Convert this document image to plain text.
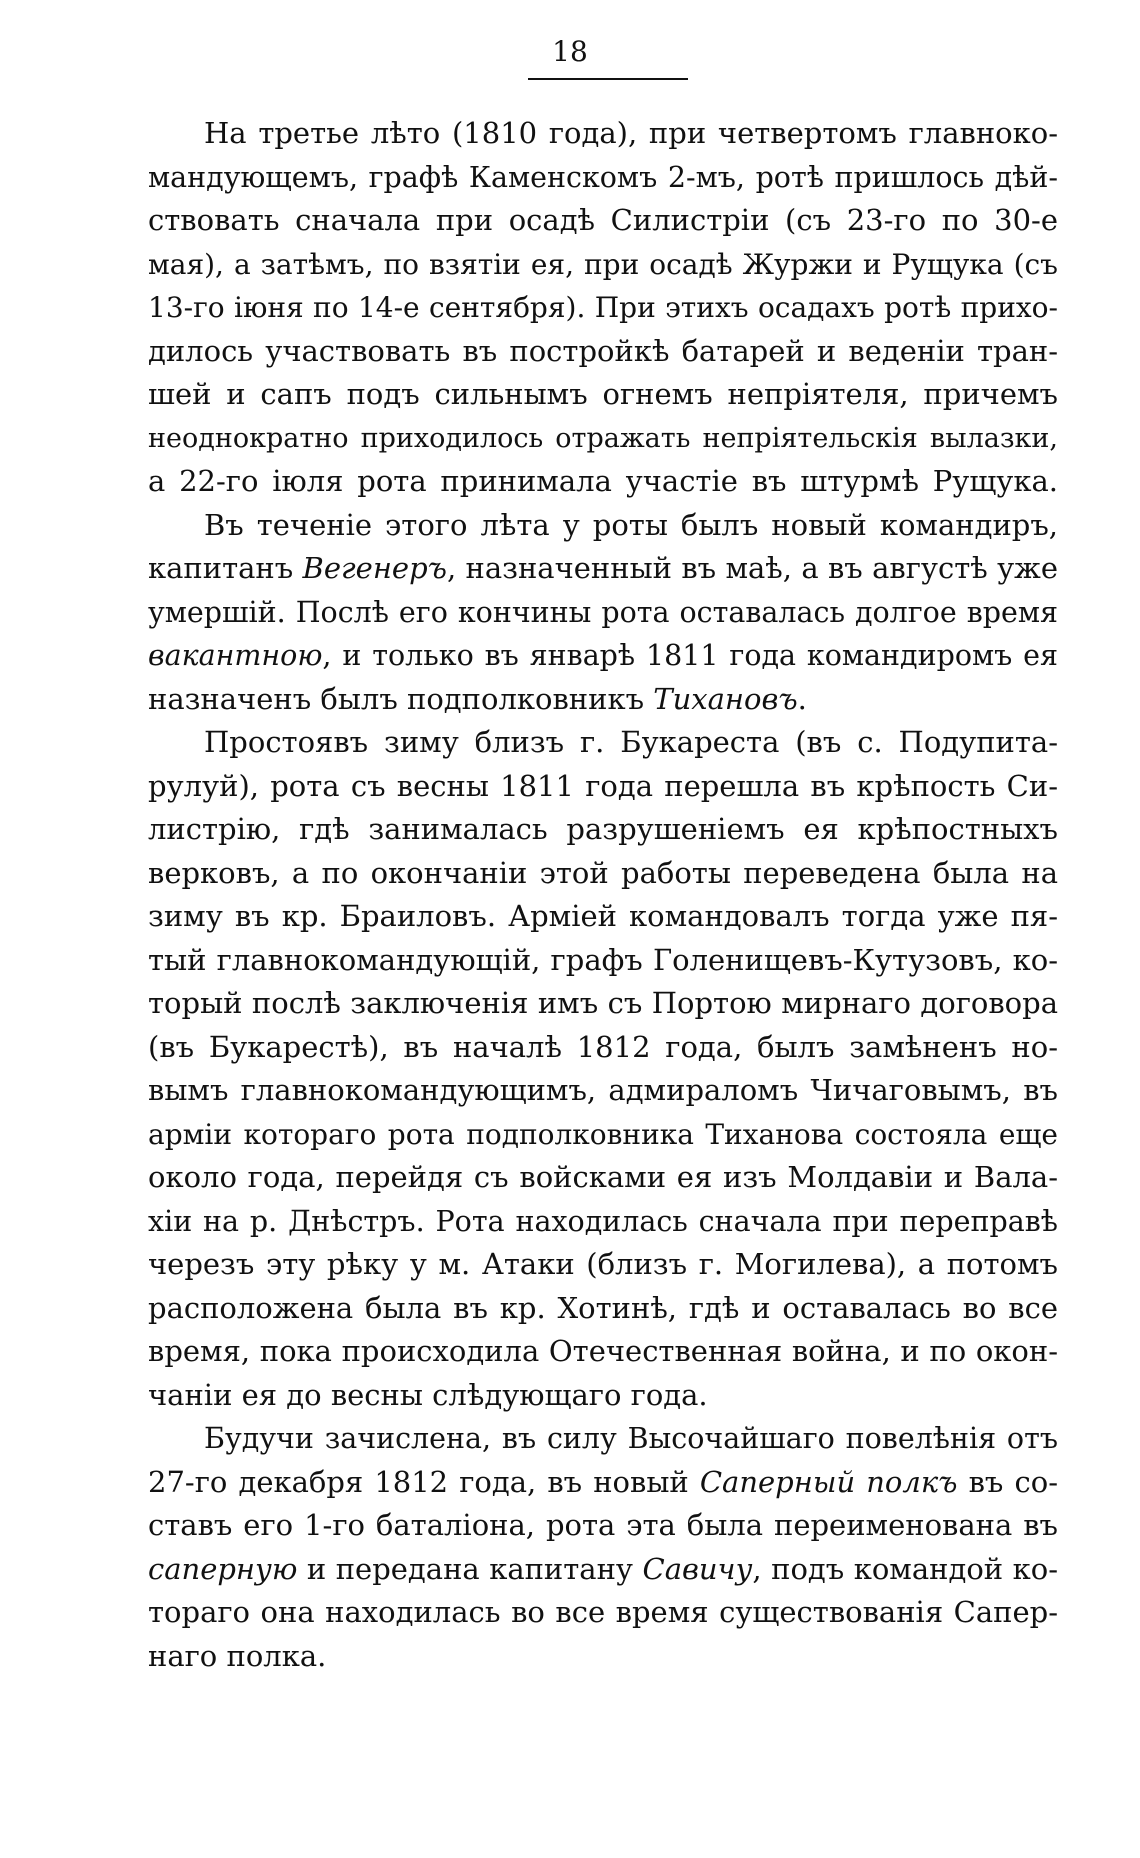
18
На третье лѣто (1810 года), при четвертомъ главноко-
мандующемъ, графѣ Каменскомъ 2-мъ, ротѣ пришлось дѣй-
ствовать сначала при осадѣ Силистріи (съ 23-го по 30-е
мая), а затѣмъ, по взятіи ея, при осадѣ Журжи и Рущука (съ
13-го іюня по 14-е сентября). При этихъ осадахъ ротѣ прихо-
дилось участвовать въ постройкѣ батарей и веденіи тран-
шей и сапъ подъ сильнымъ огнемъ непріятеля, причемъ
неоднократно приходилось отражать непріятельскія вылазки,
а 22-го іюля рота принимала участіе въ штурмѣ Рущука.
Въ теченіе этого лѣта у роты былъ новый командиръ,
капитанъ Вегенеръ, назначенный въ маѣ, а въ августѣ уже
умершій. Послѣ его кончины рота оставалась долгое время
вакантною, и только въ январѣ 1811 года командиромъ ея
назначенъ былъ подполковникъ Тихановъ.
Простоявъ зиму близъ г. Букареста (въ с. Подупита-
рулуй), рота съ весны 1811 года перешла въ крѣпость Си-
листрію, гдѣ занималась разрушеніемъ ея крѣпостныхъ
верковъ, а по окончаніи этой работы переведена была на
зиму въ кр. Браиловъ. Арміей командовалъ тогда уже пя-
тый главнокомандующій, графъ Голенищевъ-Кутузовъ, ко-
торый послѣ заключенія имъ съ Портою мирнаго договора
(въ Букарестѣ), въ началѣ 1812 года, былъ замѣненъ но-
вымъ главнокомандующимъ, адмираломъ Чичаговымъ, въ
арміи котораго рота подполковника Тиханова состояла еще
около года, перейдя съ войсками ея изъ Молдавіи и Вала-
хіи на р. Днѣстръ. Рота находилась сначала при переправѣ
черезъ эту рѣку у м. Атаки (близъ г. Могилева), а потомъ
расположена была въ кр. Хотинѣ, гдѣ и оставалась во все
время, пока происходила Отечественная война, и по окон-
чаніи ея до весны слѣдующаго года.
Будучи зачислена, въ силу Высочайшаго повелѣнія отъ
27-го декабря 1812 года, въ новый Саперный полкъ въ со-
ставъ его 1-го баталіона, рота эта была переименована въ
саперную и передана капитану Савичу, подъ командой ко-
тораго она находилась во все время существованія Сапер-
наго полка.
